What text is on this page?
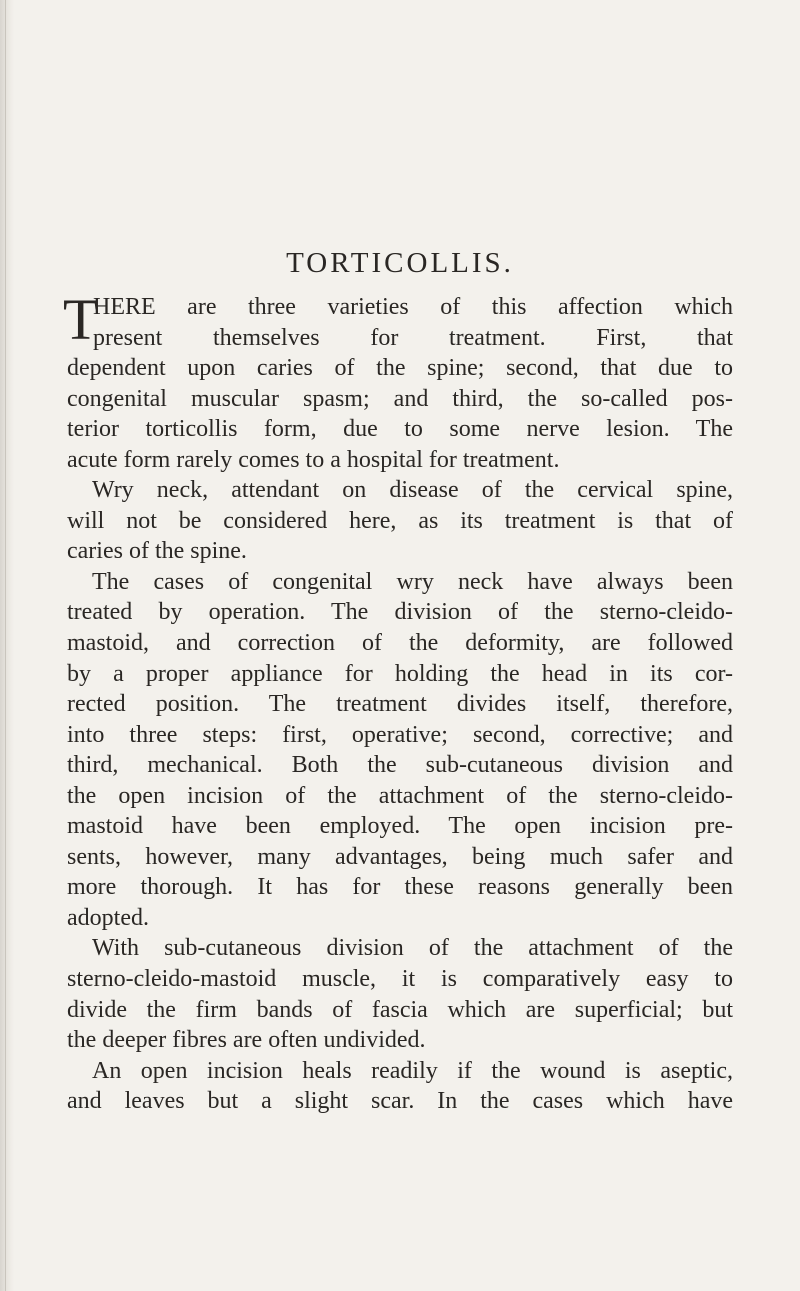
TORTICOLLIS.
T
HERE are three varieties of this affection which
present themselves for treatment. First, that
dependent upon caries of the spine; second, that due to
congenital muscular spasm; and third, the so-called pos-
terior torticollis form, due to some nerve lesion. The
acute form rarely comes to a hospital for treatment.
Wry neck, attendant on disease of the cervical spine,
will not be considered here, as its treatment is that of
caries of the spine.
The cases of congenital wry neck have always been
treated by operation. The division of the sterno-cleido-
mastoid, and correction of the deformity, are followed
by a proper appliance for holding the head in its cor-
rected position. The treatment divides itself, therefore,
into three steps: first, operative; second, corrective; and
third, mechanical. Both the sub-cutaneous division and
the open incision of the attachment of the sterno-cleido-
mastoid have been employed. The open incision pre-
sents, however, many advantages, being much safer and
more thorough. It has for these reasons generally been
adopted.
With sub-cutaneous division of the attachment of the
sterno-cleido-mastoid muscle, it is comparatively easy to
divide the firm bands of fascia which are superficial; but
the deeper fibres are often undivided.
An open incision heals readily if the wound is aseptic,
and leaves but a slight scar. In the cases which have
